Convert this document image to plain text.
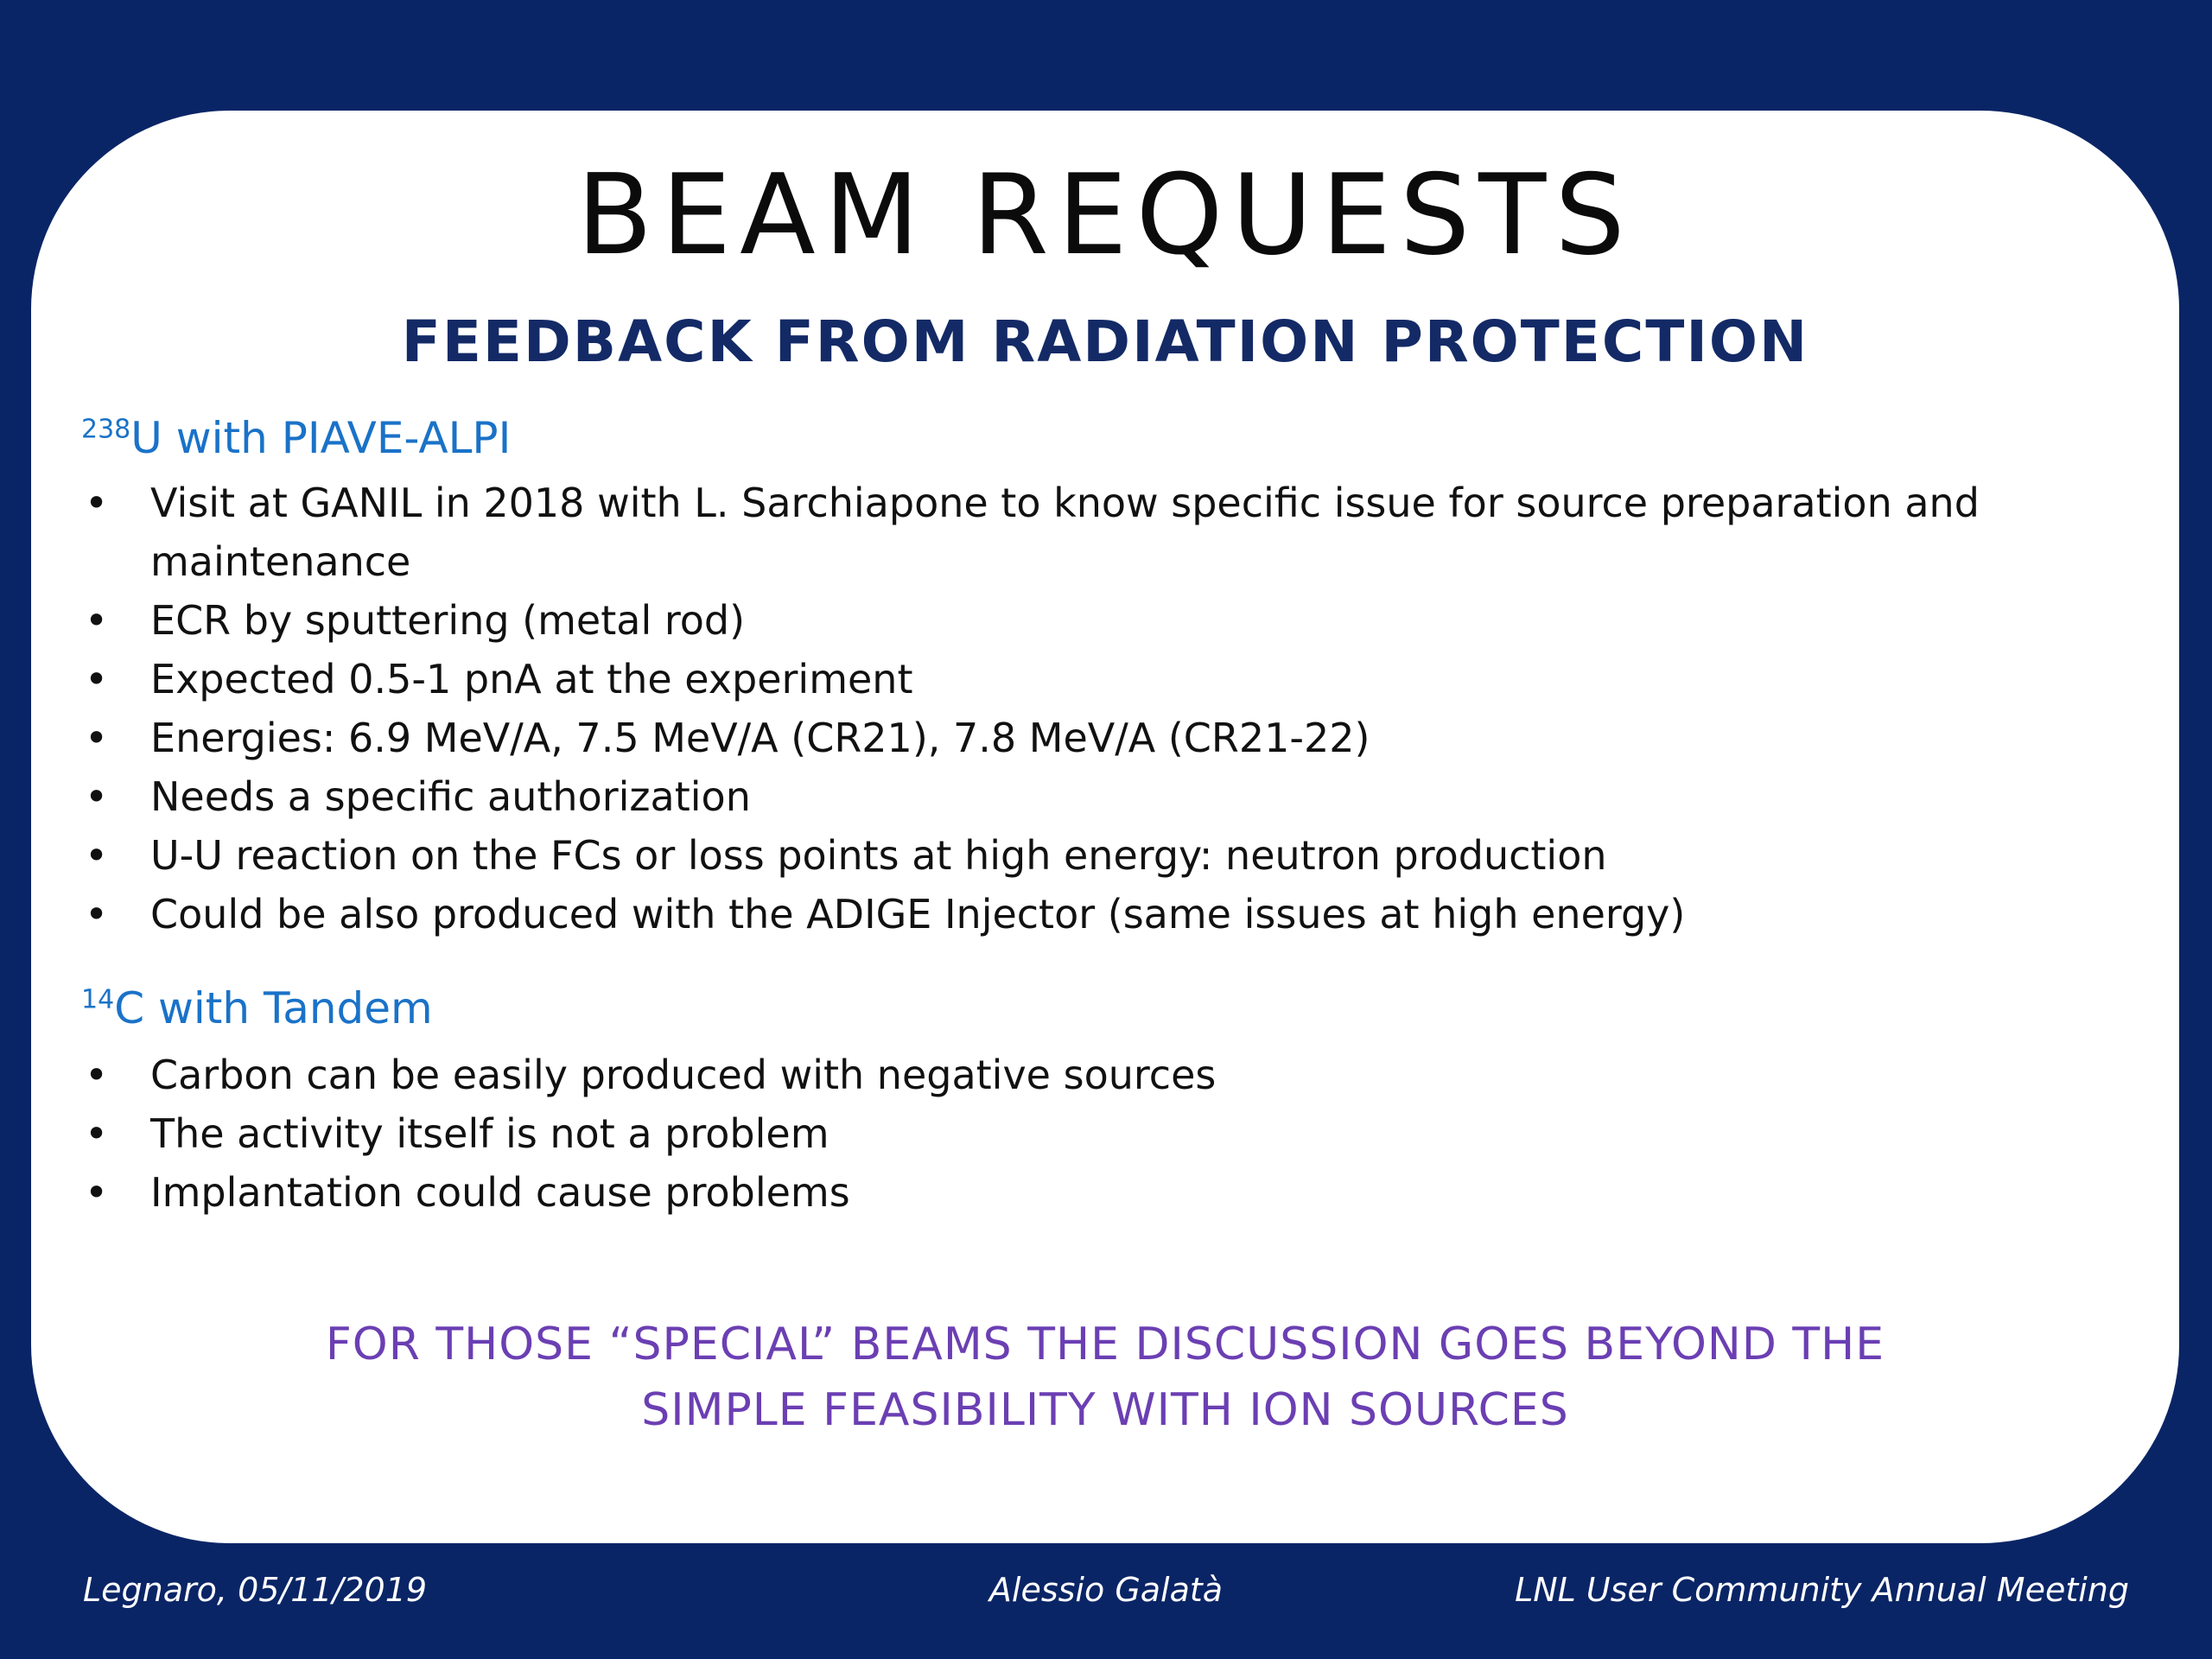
BEAM REQUESTS
FEEDBACK FROM RADIATION PROTECTION
$^{238}$U with PIAVE-ALPI
• Visit at GANIL in 2018 with L. Sarchiapone to know specific issue for source preparation and maintenance
• ECR by sputtering (metal rod)
• Expected 0.5-1 pnA at the experiment
• Energies: 6.9 MeV/A, 7.5 MeV/A (CR21), 7.8 MeV/A (CR21-22)
• Needs a specific authorization
• U-U reaction on the FCs or loss points at high energy: neutron production
• Could be also produced with the ADIGE Injector (same issues at high energy)
$^{14}$C with Tandem
• Carbon can be easily produced with negative sources
• The activity itself is not a problem
• Implantation could cause problems
FOR THOSE “SPECIAL” BEAMS THE DISCUSSION GOES BEYOND THE
SIMPLE FEASIBILITY WITH ION SOURCES
Legnaro, 05/11/2019	Alessio Galatà	LNL User Community Annual Meeting
